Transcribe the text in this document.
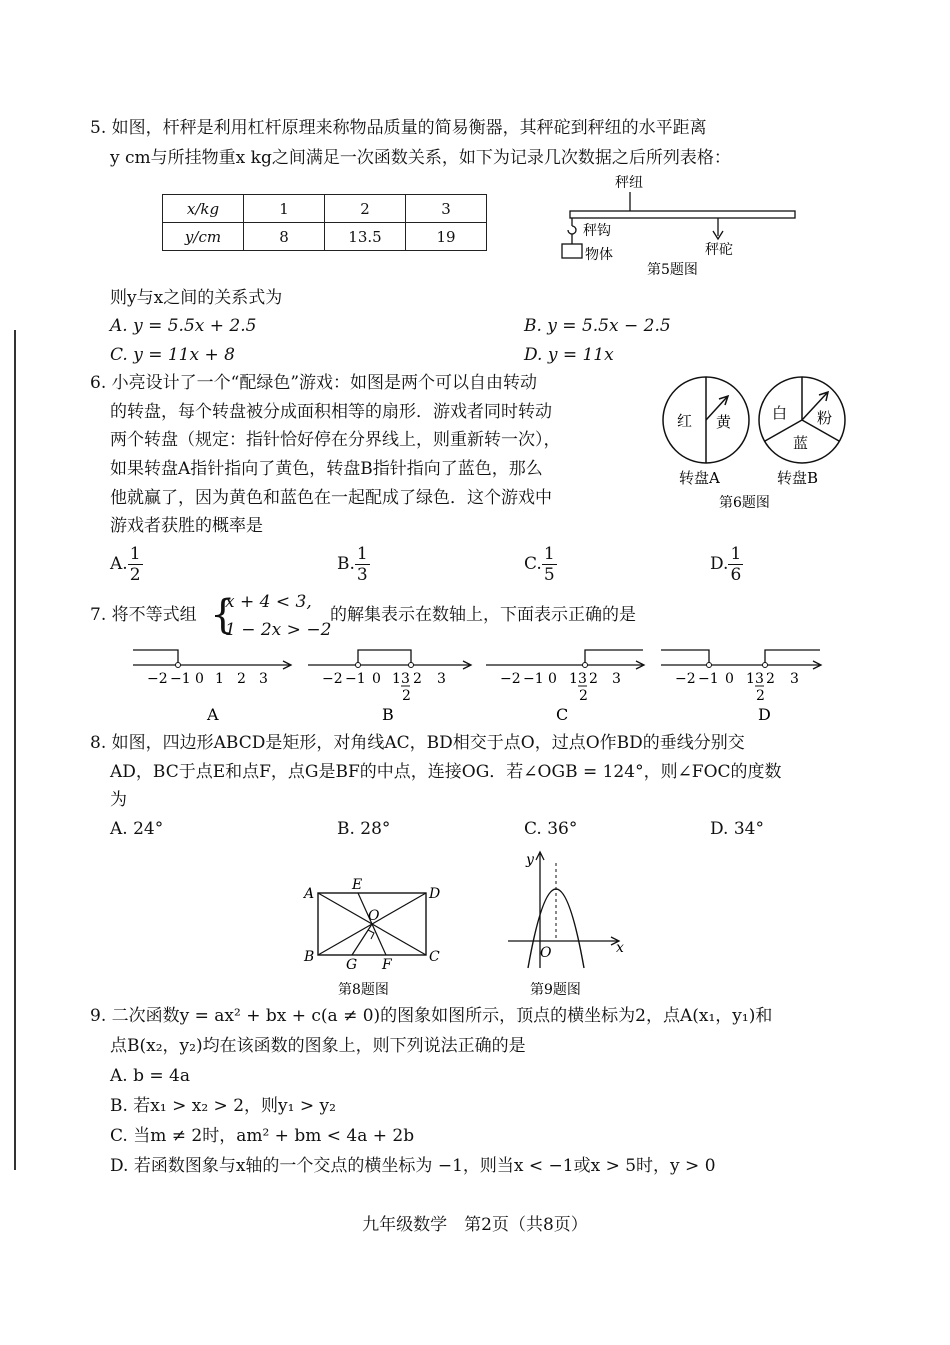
5. 如图，杆秤是利用杠杆原理来称物品质量的简易衡器，其秤砣到秤纽的水平距离
y cm与所挂物重x kg之间满足一次函数关系，如下为记录几次数据之后所列表格：
x/kg	1	2	3
y/cm	8	13.5	19
秤纽
秤钩
物体	秤砣
第5题图
则y与x之间的关系式为
A. y = 5.5x + 2.5	B. y = 5.5x − 2.5
C. y = 11x + 8	D. y = 11x
6. 小亮设计了一个“配绿色”游戏：如图是两个可以自由转动
的转盘，每个转盘被分成面积相等的扇形．游戏者同时转动
两个转盘（规定：指针恰好停在分界线上，则重新转一次），
如果转盘A指针指向了黄色，转盘B指针指向了蓝色，那么
他就赢了，因为黄色和蓝色在一起配成了绿色．这个游戏中
游戏者获胜的概率是
红 黄	白 粉
蓝
转盘A	转盘B
第6题图
A. $\frac{1}{2}$	B. $\frac{1}{3}$	C. $\frac{1}{5}$	D. $\frac{1}{6}$
7. 将不等式组 {
x + 4 < 3,
1 − 2x > −2
的解集表示在数轴上，下面表示正确的是
−2 −1 0 1 2 3
A
−2 −1 0 1 3
2
2 3
B
−2 −1 0 1 3
2
2 3
C
−2 −1 0 1 3
2
2 3
D
8. 如图，四边形ABCD是矩形，对角线AC，BD相交于点O，过点O作BD的垂线分别交
AD，BC于点E和点F，点G是BF的中点，连接OG．若∠OGB = 124°，则∠FOC的度数
为
A. 24°	B. 28°	C. 36°	D. 34°
A
B	C
D
E
F
G
O
第8题图
y
x
O
第9题图
9. 二次函数y = ax² + bx + c(a ≠ 0)的图象如图所示，顶点的横坐标为2，点A(x₁，y₁)和
点B(x₂，y₂)均在该函数的图象上，则下列说法正确的是
A. b = 4a
B. 若x₁ > x₂ > 2，则y₁ > y₂
C. 当m ≠ 2时，am² + bm < 4a + 2b
D. 若函数图象与x轴的一个交点的横坐标为 −1，则当x < −1或x > 5时，y > 0
九年级数学　第2页（共8页）
